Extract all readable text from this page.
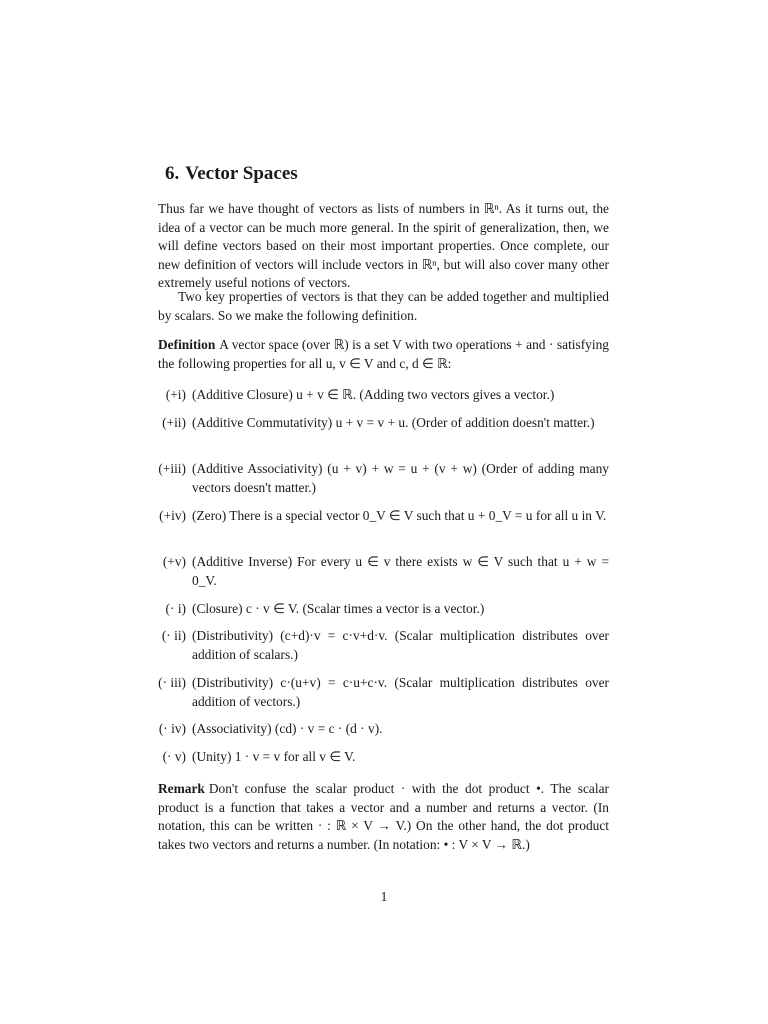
6. Vector Spaces

Thus far we have thought of vectors as lists of numbers in ℝⁿ. As it turns out, the idea of a vector can be much more general. In the spirit of generalization, then, we will define vectors based on their most important properties. Once complete, our new definition of vectors will include vectors in ℝⁿ, but will also cover many other extremely useful notions of vectors.

Two key properties of vectors is that they can be added together and multiplied by scalars. So we make the following definition.

Definition A vector space (over ℝ) is a set V with two operations + and · satisfying the following properties for all u, v ∈ V and c, d ∈ ℝ:

(+i) (Additive Closure) u + v ∈ ℝ. (Adding two vectors gives a vector.)
(+ii) (Additive Commutativity) u + v = v + u. (Order of addition doesn't matter.)
(+iii) (Additive Associativity) (u + v) + w = u + (v + w) (Order of adding many vectors doesn't matter.)
(+iv) (Zero) There is a special vector 0_V ∈ V such that u + 0_V = u for all u in V.
(+v) (Additive Inverse) For every u ∈ v there exists w ∈ V such that u + w = 0_V.
(· i) (Closure) c · v ∈ V. (Scalar times a vector is a vector.)
(· ii) (Distributivity) (c+d)·v = c·v+d·v. (Scalar multiplication distributes over addition of scalars.)
(· iii) (Distributivity) c·(u+v) = c·u+c·v. (Scalar multiplication distributes over addition of vectors.)
(· iv) (Associativity) (cd) · v = c · (d · v).
(· v) (Unity) 1 · v = v for all v ∈ V.

Remark Don't confuse the scalar product · with the dot product •. The scalar product is a function that takes a vector and a number and returns a vector. (In notation, this can be written · : ℝ × V → V.) On the other hand, the dot product takes two vectors and returns a number. (In notation: • : V × V → ℝ.)

1
